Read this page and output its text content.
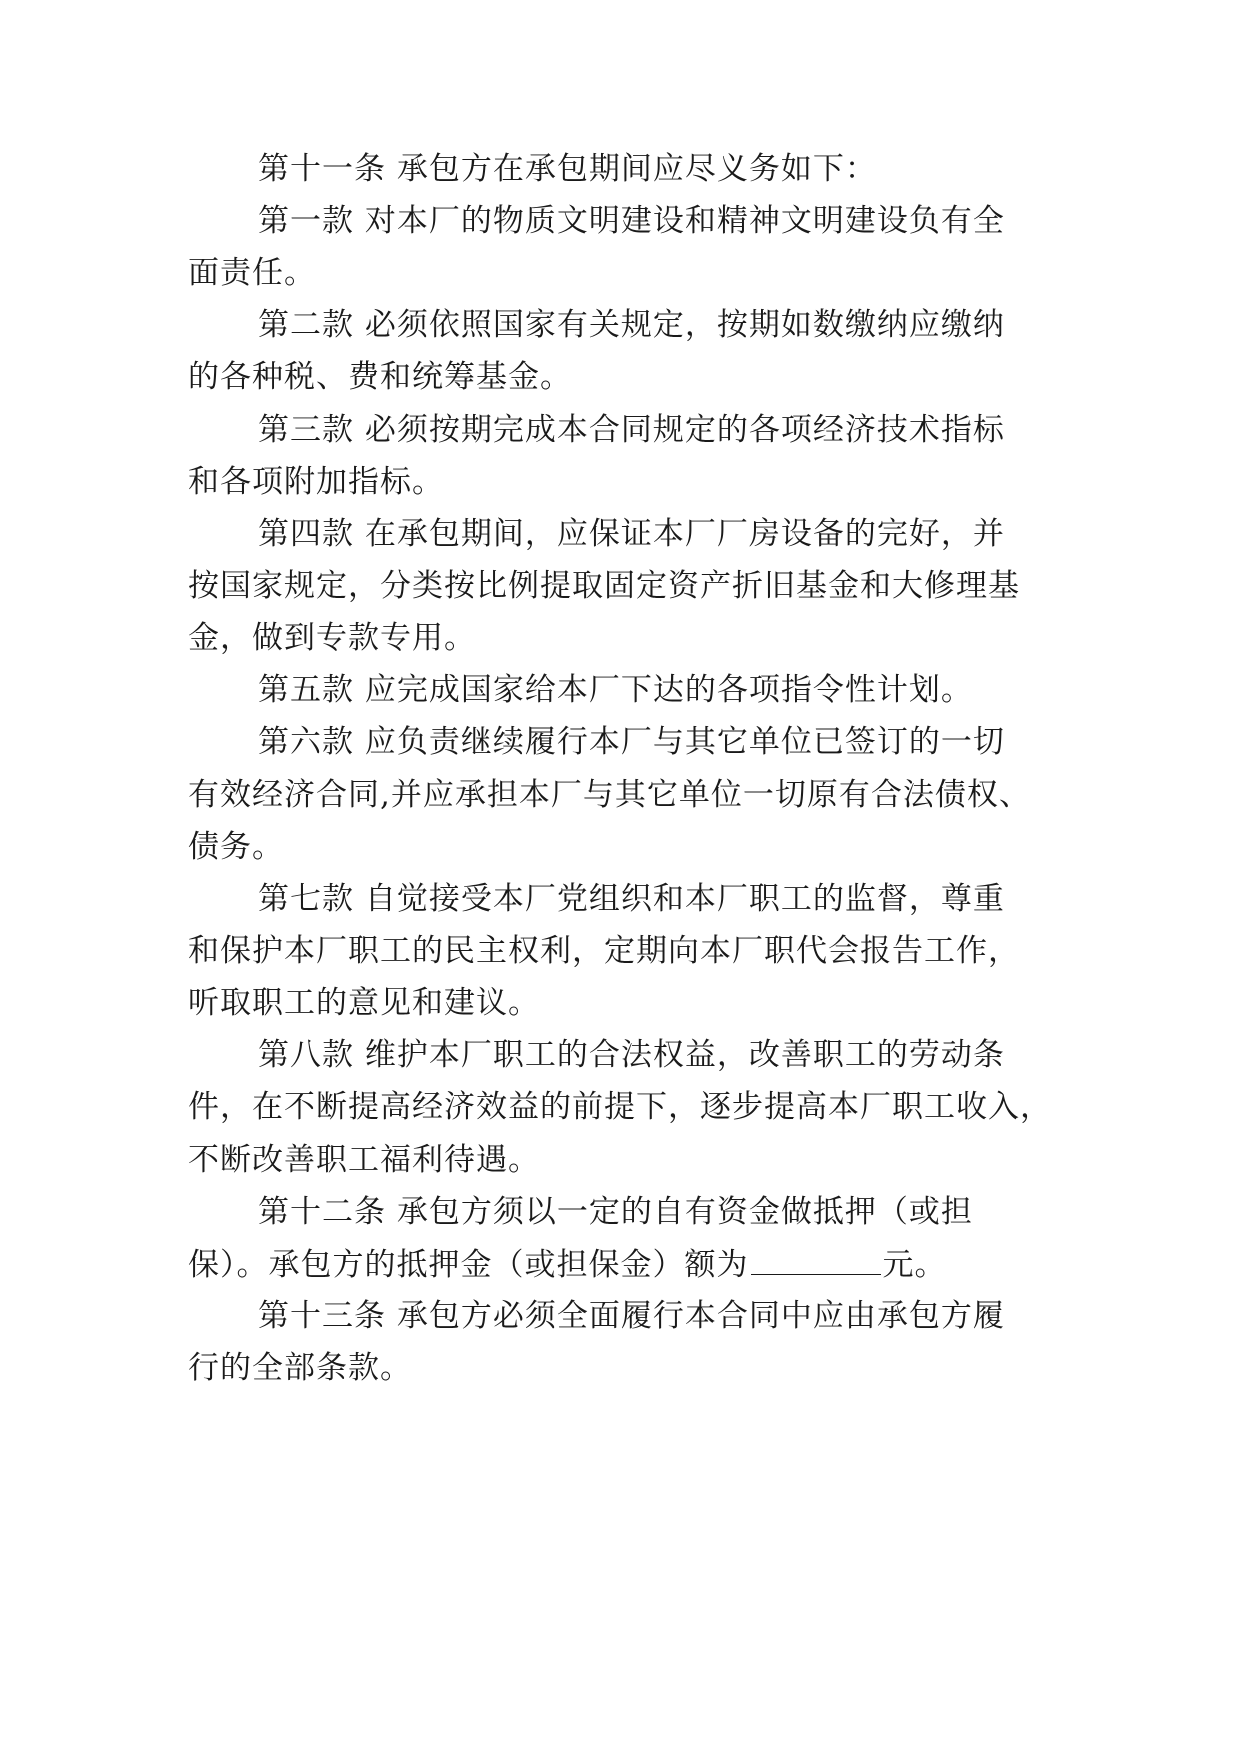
第十一条 承包方在承包期间应尽义务如下：
第一款 对本厂的物质文明建设和精神文明建设负有全
面责任。
第二款 必须依照国家有关规定，按期如数缴纳应缴纳
的各种税、费和统筹基金。
第三款 必须按期完成本合同规定的各项经济技术指标
和各项附加指标。
第四款 在承包期间，应保证本厂厂房设备的完好，并
按国家规定，分类按比例提取固定资产折旧基金和大修理基
金，做到专款专用。
第五款 应完成国家给本厂下达的各项指令性计划。
第六款 应负责继续履行本厂与其它单位已签订的一切
有效经济合同,并应承担本厂与其它单位一切原有合法债权、
债务。
第七款 自觉接受本厂党组织和本厂职工的监督，尊重
和保护本厂职工的民主权利，定期向本厂职代会报告工作，
听取职工的意见和建议。
第八款 维护本厂职工的合法权益，改善职工的劳动条
件，在不断提高经济效益的前提下，逐步提高本厂职工收入，
不断改善职工福利待遇。
第十二条 承包方须以一定的自有资金做抵押（或担
保）。承包方的抵押金（或担保金）额为	元。
第十三条 承包方必须全面履行本合同中应由承包方履
行的全部条款。
